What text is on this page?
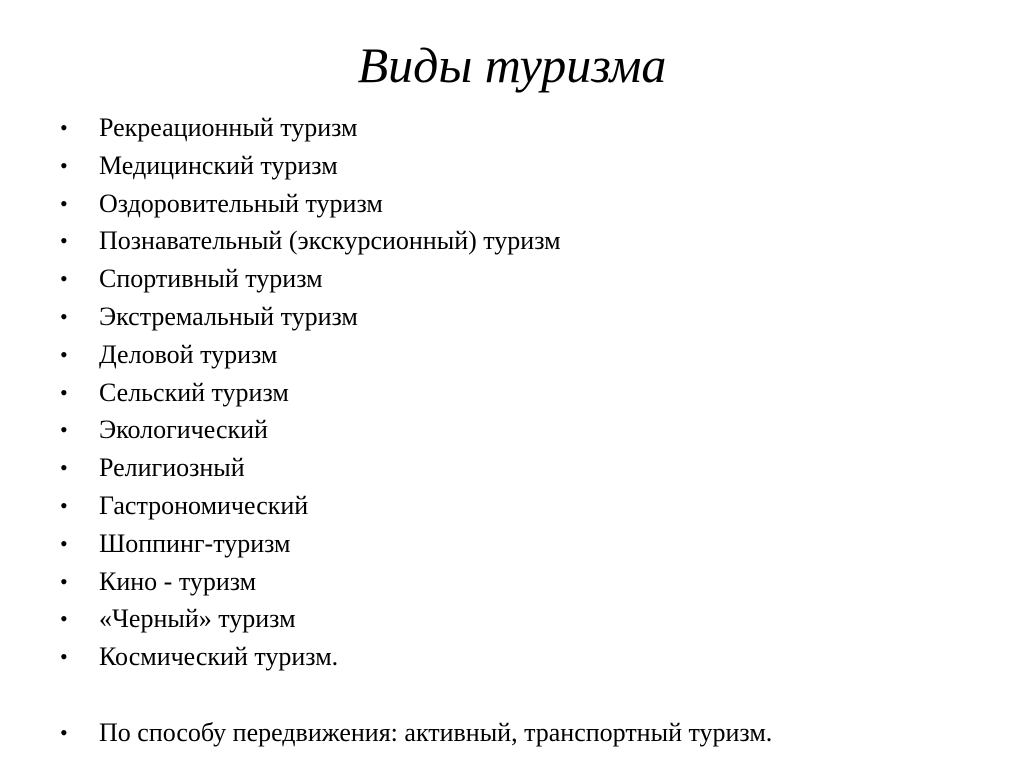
Виды туризма
• Рекреационный туризм
• Медицинский туризм
• Оздоровительный туризм
• Познавательный (экскурсионный) туризм
• Спортивный туризм
• Экстремальный туризм
• Деловой туризм
• Сельский туризм
• Экологический
• Религиозный
• Гастрономический
• Шоппинг-туризм
• Кино - туризм
• «Черный» туризм
• Космический туризм.
• По способу передвижения: активный, транспортный туризм.
